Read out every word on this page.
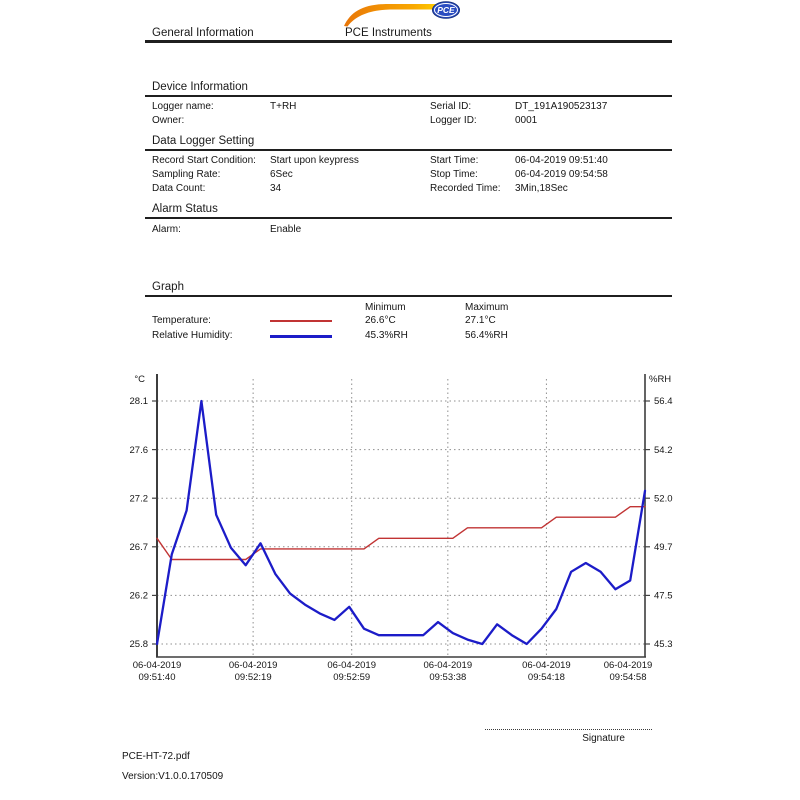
General Information
PCE
PCE Instruments
Device Information
Logger name:	T+RH	Serial ID:	DT_191A190523137
Owner:	Logger ID:	0001
Data Logger Setting
Record Start Condition: Start upon keypress	Start Time:	06-04-2019 09:51:40
Sampling Rate:	6Sec	Stop Time:	06-04-2019 09:54:58
Data Count:	34	Recorded Time: 3Min,18Sec
Alarm Status
Alarm:	Enable
Graph
Minimum	Maximum
Temperature:	26.6°C	27.1°C
Relative Humidity:	45.3%RH	56.4%RH
25.8	45.3
26.2	47.5
26.7	49.7
27.2	52.0
27.6	54.2
28.1	56.4
06-04-2019 09:51:40
06-04-2019 09:52:19
06-04-2019 09:52:59
06-04-2019 09:53:38
06-04-2019 09:54:18
06-04-2019 09:54:58
°C	%RH
Signature
PCE-HT-72.pdf
Version:V1.0.0.170509
